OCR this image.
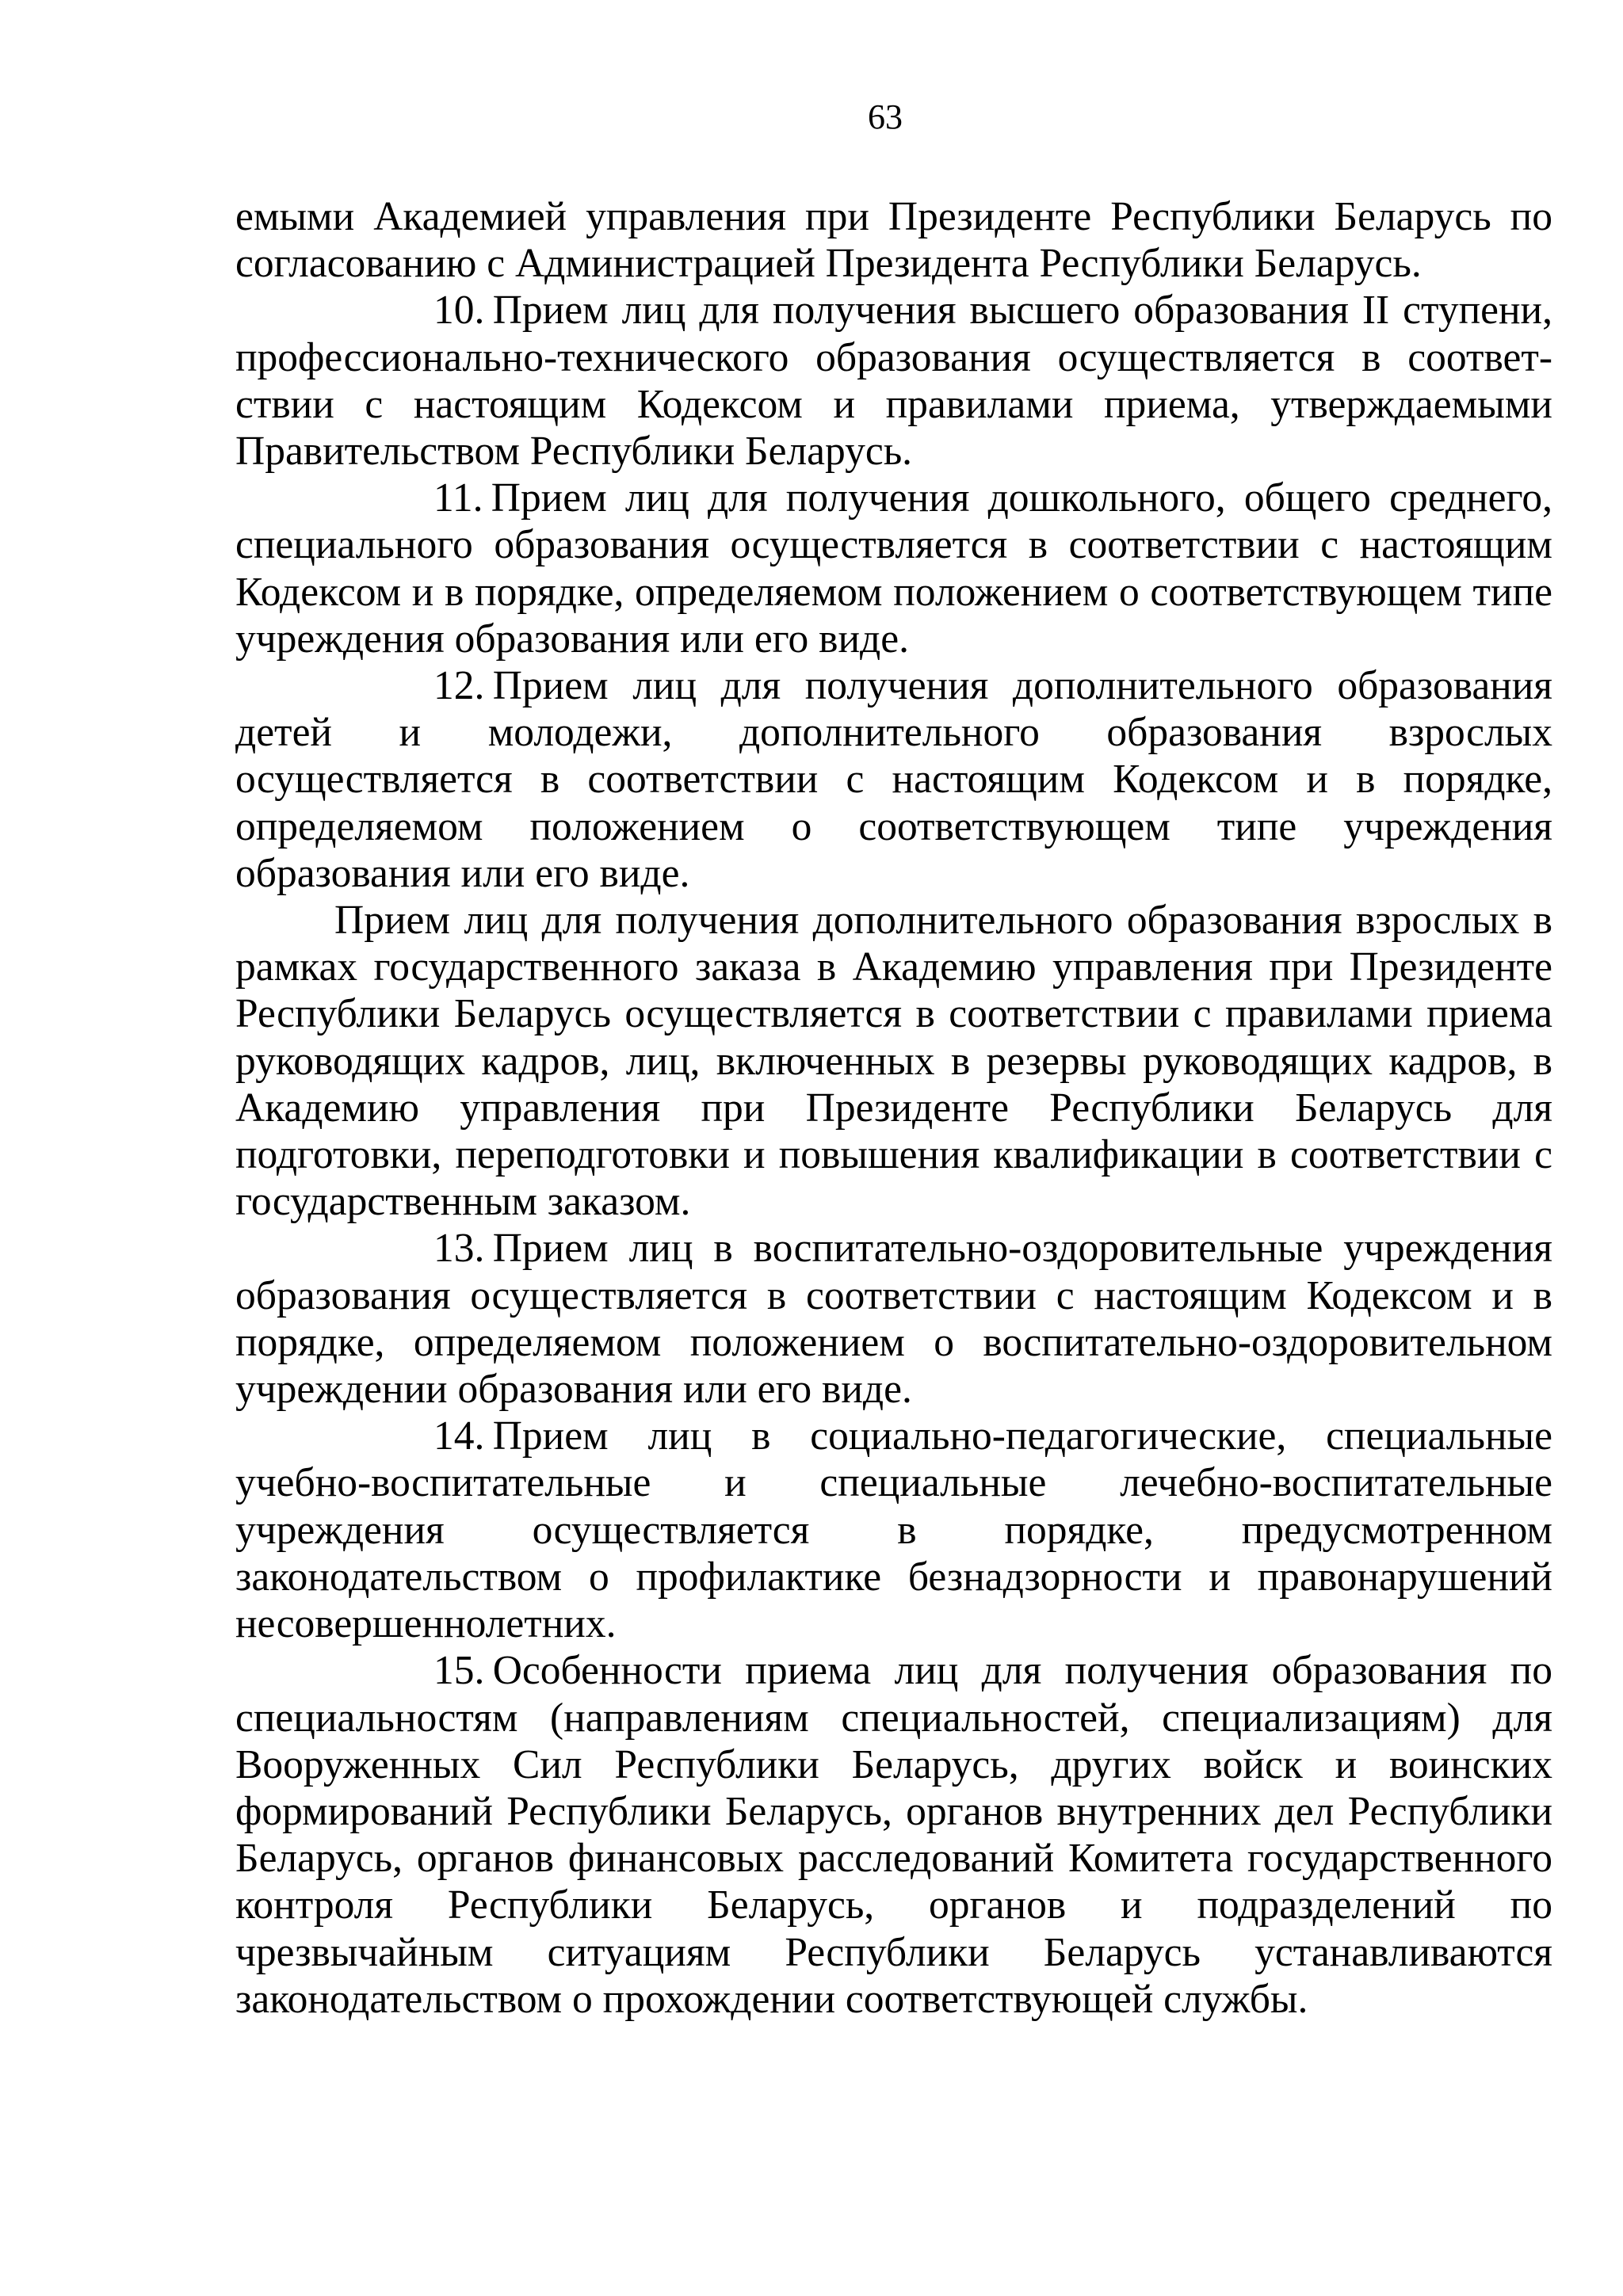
63

емыми Академией управления при Президенте Республики Беларусь по согласованию с Администрацией Президента Республики Беларусь.

10.  Прием лиц для получения высшего образования II ступени, профессионально-технического образования осуществляется в соответствии с настоящим Кодексом и правилами приема, утверждаемыми Правительством Республики Беларусь.

11.  Прием лиц для получения дошкольного, общего среднего, специального образования осуществляется в соответствии с настоящим Кодексом и в порядке, определяемом положением о соответствующем типе учреждения образования или его виде.

12.  Прием лиц для получения дополнительного образования детей и молодежи, дополнительного образования взрослых осуществляется в соответствии с настоящим Кодексом и в порядке, определяемом положением о соответствующем типе учреждения образования или его виде.

Прием лиц для получения дополнительного образования взрослых в рамках государственного заказа в Академию управления при Президенте Республики Беларусь осуществляется в соответствии с правилами приема руководящих кадров, лиц, включенных в резервы руководящих кадров, в Академию управления при Президенте Республики Беларусь для подготовки, переподготовки и повышения квалификации в соответствии с государственным заказом.

13.  Прием лиц в воспитательно-оздоровительные учреждения образования осуществляется в соответствии с настоящим Кодексом и в порядке, определяемом положением о воспитательно-оздоровительном учреждении образования или его виде.

14.  Прием лиц в социально-педагогические, специальные учебно-воспитательные и специальные лечебно-воспитательные учреждения осуществляется в порядке, предусмотренном законодательством о профилактике безнадзорности и правонарушений несовершеннолетних.

15.  Особенности приема лиц для получения образования по специальностям (направлениям специальностей, специализациям) для Вооруженных Сил Республики Беларусь, других войск и воинских формирований Республики Беларусь, органов внутренних дел Республики Беларусь, органов финансовых расследований Комитета государственного контроля Республики Беларусь, органов и подразделений по чрезвычайным ситуациям Республики Беларусь устанавливаются законодательством о прохождении соответствующей службы.
